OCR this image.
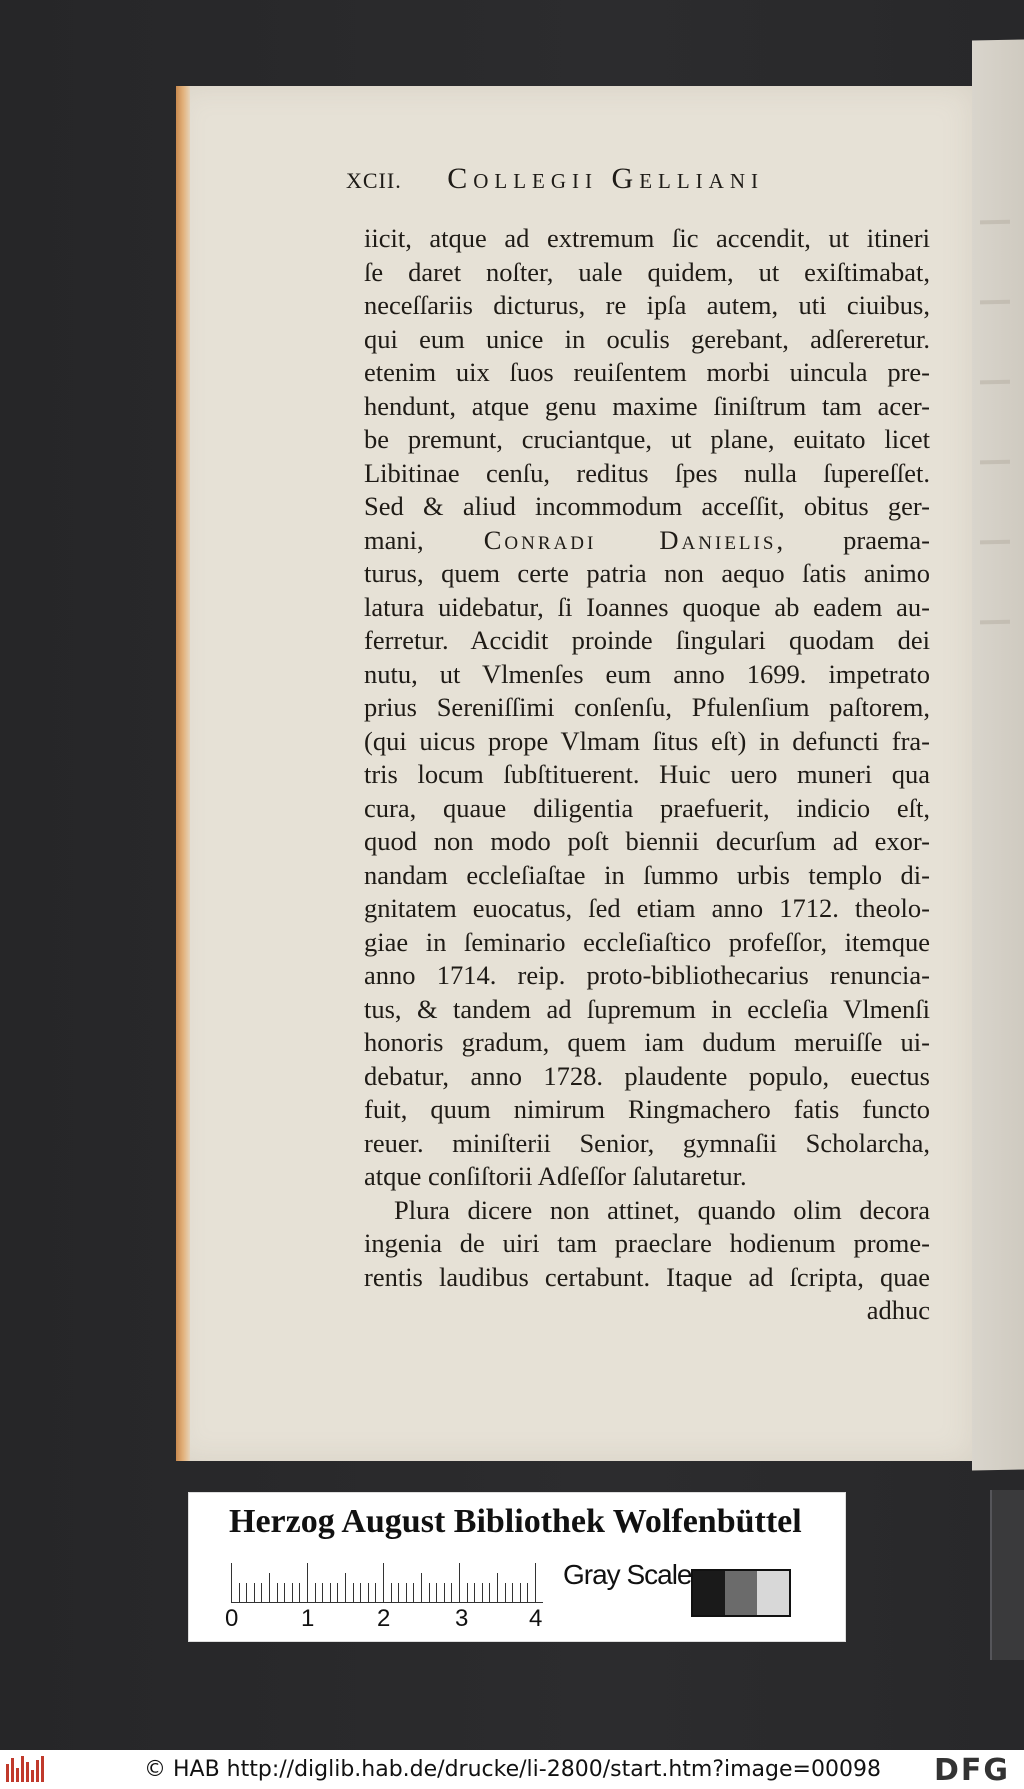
XCII. Collegii Gelliani
iicit, atque ad extremum ſic accendit, ut itineri
ſe daret noſter, uale quidem, ut exiſtimabat,
neceſſariis dicturus, re ipſa autem, uti ciuibus,
qui eum unice in oculis gerebant, adſereretur.
etenim uix ſuos reuiſentem morbi uincula pre-
hendunt, atque genu maxime ſiniſtrum tam acer-
be premunt, cruciantque, ut plane, euitato licet
Libitinae cenſu, reditus ſpes nulla ſupereſſet.
Sed & aliud incommodum acceſſit, obitus ger-
mani, Conradi Danielis, praema-
turus, quem certe patria non aequo ſatis animo
latura uidebatur, ſi Ioannes quoque ab eadem au-
ferretur. Accidit proinde ſingulari quodam dei
nutu, ut Vlmenſes eum anno 1699. impetrato
prius Sereniſſimi conſenſu, Pfulenſium paſtorem,
(qui uicus prope Vlmam ſitus eſt) in defuncti fra-
tris locum ſubſtituerent. Huic uero muneri qua
cura, quaue diligentia praefuerit, indicio eſt,
quod non modo poſt biennii decurſum ad exor-
nandam eccleſiaſtae in ſummo urbis templo di-
gnitatem euocatus, ſed etiam anno 1712. theolo-
giae in ſeminario eccleſiaſtico profeſſor, itemque
anno 1714. reip. proto-bibliothecarius renuncia-
tus, & tandem ad ſupremum in eccleſia Vlmenſi
honoris gradum, quem iam dudum meruiſſe ui-
debatur, anno 1728. plaudente populo, euectus
fuit, quum nimirum Ringmachero fatis functo
reuer. miniſterii Senior, gymnaſii Scholarcha,
atque conſiſtorii Adſeſſor ſalutaretur.
Plura dicere non attinet, quando olim decora
ingenia de uiri tam praeclare hodienum prome-
rentis laudibus certabunt. Itaque ad ſcripta, quae
adhuc
Herzog August Bibliothek Wolfenbüttel
0	1	2	3	4
Gray Scale
© HAB http://diglib.hab.de/drucke/li-2800/start.htm?image=00098 DFG
